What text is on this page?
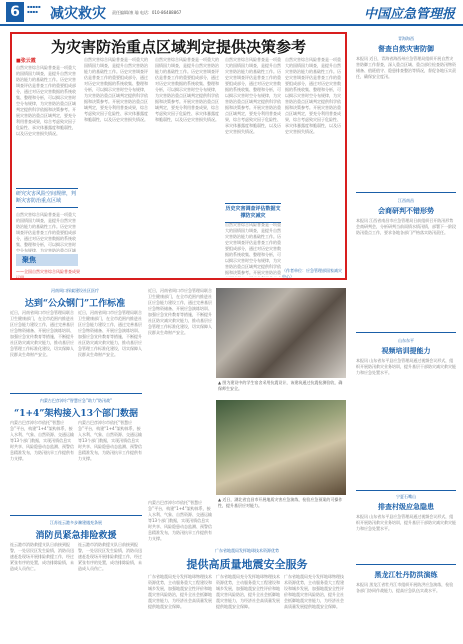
6	▪▪▪▪▪
▪▪▪▪ 减灾救灾 责任编辑/康 瑜 电话：010-86488867	中国应急管理报
为灾害防治重点区域判定提供决策参考
■张云霞
自然灾害综合风险普查是一项重大的国情国力调查，是提升自然灾害防治能力的基础性工作。历史灾害调查评估是普查工作的重要组成部分，通过对历史灾害数据的系统收集、整理和分析，可以揭示灾害时空分布规律，为灾害防治重点区域判定提供科学依据和决策参考。开展灾害防治重点区域判定，要充分利用普查成果，综合考虑致灾因子危险性、承灾体暴露度和脆弱性，以及历史灾害损失情况。
研究灾害风险空间规律，判断灾害防治重点区域
自然灾害综合风险普查是一项重大的国情国力调查，是提升自然灾害防治能力的基础性工作。历史灾害调查评估是普查工作的重要组成部分，通过对历史灾害数据的系统收集、整理和分析，可以揭示灾害时空分布规律，为灾害防治重点区域
聚焦
——全国自然灾害综合风险普查成果运用
自然灾害综合风险普查是一项重大的国情国力调查，是提升自然灾害防治能力的基础性工作。历史灾害调查评估是普查工作的重要组成部分，通过对历史灾害数据的系统收集、整理和分析，可以揭示灾害时空分布规律，为灾害防治重点区域判定提供科学依据和决策参考。开展灾害防治重点区域判定，要充分利用普查成果，综合考虑致灾因子危险性、承灾体暴露度和脆弱性，以及历史灾害损失情况。
自然灾害综合风险普查是一项重大的国情国力调查，是提升自然灾害防治能力的基础性工作。历史灾害调查评估是普查工作的重要组成部分，通过对历史灾害数据的系统收集、整理和分析，可以揭示灾害时空分布规律，为灾害防治重点区域判定提供科学依据和决策参考。开展灾害防治重点区域判定，要充分利用普查成果，综合考虑致灾因子危险性、承灾体暴露度和脆弱性，以及历史灾害损失情况。
自然灾害综合风险普查是一项重大的国情国力调查，是提升自然灾害防治能力的基础性工作。历史灾害调查评估是普查工作的重要组成部分，通过对历史灾害数据的系统收集、整理和分析，可以揭示灾害时空分布规律，为灾害防治重点区域判定提供科学依据和决策参考。开展灾害防治重点区域判定，要充分利用普查成果，综合考虑致灾因子危险性、承灾体暴露度和脆弱性，以及历史灾害损失情况。
历史灾害调查评估数据支撑防灾减灾
自然灾害综合风险普查是一项重大的国情国力调查，是提升自然灾害防治能力的基础性工作。历史灾害调查评估是普查工作的重要组成部分，通过对历史灾害数据的系统收集、整理和分析，可以揭示灾害时空分布规律，为灾害防治重点区域判定提供科学依据和决策参考。开展灾害防治重
自然灾害综合风险普查是一项重大的国情国力调查，是提升自然灾害防治能力的基础性工作。历史灾害调查评估是普查工作的重要组成部分，通过对历史灾害数据的系统收集、整理和分析，可以揭示灾害时空分布规律，为灾害防治重点区域判定提供科学依据和决策参考。开展灾害防治重点区域判定，要充分利用普查成果，综合考虑致灾因子危险性、承灾体暴露度和脆弱性，以及历史灾害损失情况。
（作者单位：应急管理部国家减灾中心）
河南周口探索建设社区医疗
达到“公众钢门”工作标准
近日，河南省周口市应急管理局联合卫生健康部门，在全市范围内推进社区应急能力建设工作，通过完善基层应急物资储备、开展应急演练培训、加强应急宣传教育等措施，不断提升社区防灾减灾救灾能力，推动基层应急管理工作标准化建设，切实保障人民群众生命财产安全。
近日，河南省周口市应急管理局联合卫生健康部门，在全市范围内推进社区应急能力建设工作，通过完善基层应急物资储备、开展应急演练培训、加强应急宣传教育等措施，不断提升社区防灾减灾救灾能力，推动基层应急管理工作标准化建设，切实保障人民群众生命财产安全。
内蒙古巴彦淖尔“智慧应急”助力“防汛战”
“1+4”架构接入13个部门数据
内蒙古巴彦淖尔市依托“智慧应急”平台，构建“1+4”架构体系，接入水利、气象、自然资源、交通运输等13个部门数据，实现汛情信息实时共享、风险隐患动态监测、预警信息精准发布，为防汛抗旱工作提供有力支撑。
内蒙古巴彦淖尔市依托“智慧应急”平台，构建“1+4”架构体系，接入水利、气象、自然资源、交通运输等13个部门数据，实现汛情信息实时共享、风险隐患动态监测、预警信息精准发布，为防汛抗旱工作提供有力支撑。
江苏连云港多步骤建遇充条展
消防员紧急排险救援
连云港市消防救援支队日前接到报警，一处居民区发生险情，消防员迅速赶赴现场开展排险救援工作，经过紧张有序的处置，成功排除险情，未造成人员伤亡。
连云港市消防救援支队日前接到报警，一处居民区发生险情，消防员迅速赶赴现场开展排险救援工作，经过紧张有序的处置，成功排除险情，未造成人员伤亡。
近日，河南省周口市应急管理局联合卫生健康部门，在全市范围内推进社区应急能力建设工作，通过完善基层应急物资储备、开展应急演练培训、加强应急宣传教育等措施，不断提升社区防灾减灾救灾能力，推动基层应急管理工作标准化建设，切实保障人民群众生命财产安全。
▲ 图为建设中的学生宿舍采用抗震设计，该建筑通过抗震检测验收，确保师生安全。
▲ 近日，湖北省宜昌市开展地质灾害应急演练，检验应急预案的可操作性，提升基层应对能力。
内蒙古巴彦淖尔市依托“智慧应急”平台，构建“1+4”架构体系，接入水利、气象、自然资源、交通运输等13个部门数据，实现汛情信息实时共享、风险隐患动态监测、预警信息精准发布，为防汛抗旱工作提供有力支撑。
广东省地震局发挥地球技术资源优势
提供高质量地震安全服务
广东省地震局充分发挥地球物理技术资源优势，主动服务重大工程建设和城乡发展，加强地震安全性评价和地震灾害风险防治，提升全社会抵御地震灾害能力，为经济社会高质量发展提供地震安全保障。
广东省地震局充分发挥地球物理技术资源优势，主动服务重大工程建设和城乡发展，加强地震安全性评价和地震灾害风险防治，提升全社会抵御地震灾害能力，为经济社会高质量发展提供地震安全保障。
广东省地震局充分发挥地球物理技术资源优势，主动服务重大工程建设和城乡发展，加强地震安全性评价和地震灾害风险防治，提升全社会抵御地震灾害能力，为经济社会高质量发展提供地震安全保障。
青海海西
督查自然灾害防御
本报讯 近日，青海省海西州应急管理局组织开展自然灾害防御工作督查，深入重点区域、重点部位检查防汛物资储备、值班值守、隐患排查整治等情况，督促各地压实责任，确保安全度汛。
江西南昌
会商研判不错形势
本报讯 江西省南昌市应急管理局日前组织召开防汛形势会商研判会，分析研判当前雨情水情汛情，部署下一阶段防汛重点工作，要求各地各部门严格落实防汛责任。
山东东平
视频培训提能力
本报讯 山东省东平县应急管理局通过视频会议形式，组织开展防汛救灾业务培训，提升基层干部防灾减灾救灾能力和应急处置水平。
宁夏石嘴山
排查村级应急隐患
本报讯 山东省东平县应急管理局通过视频会议形式，组织开展防汛救灾业务培训，提升基层干部防灾减灾救灾能力和应急处置水平。
黑龙江牡丹防洪演练
本报讯 黑龙江省牡丹江市组织开展防洪应急演练，检验各部门协同作战能力，提高应急队伍实战水平。
